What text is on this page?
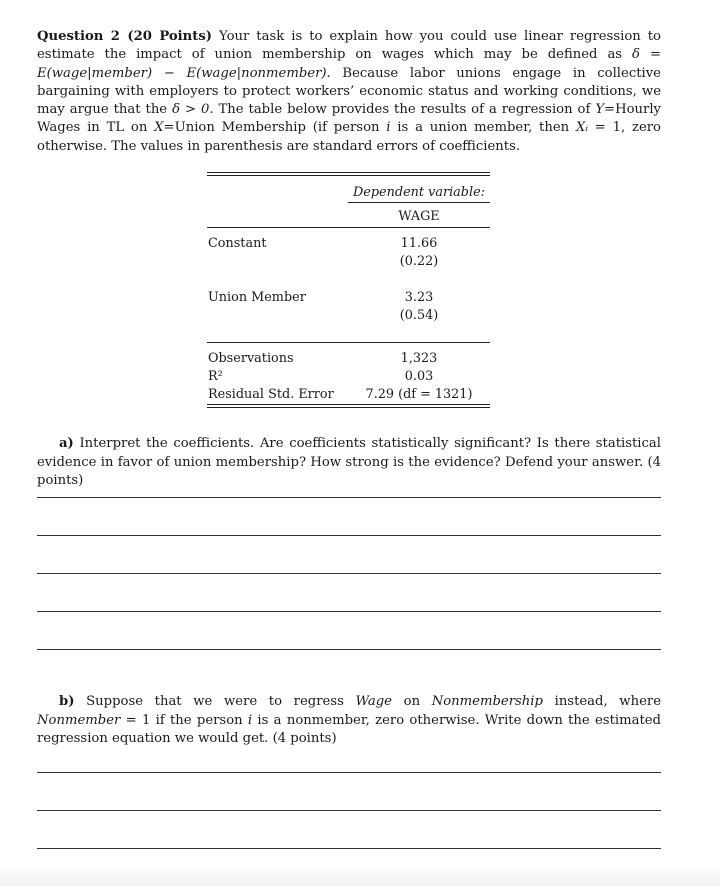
Question 2 (20 Points) Your task is to explain how you could use linear regression to estimate the impact of union membership on wages which may be defined as δ = E(wage|member) − E(wage|nonmember). Because labor unions engage in collective bargaining with employers to protect workers’ economic status and working conditions, we may argue that the δ > 0. The table below provides the results of a regression of Y=Hourly Wages in TL on X=Union Membership (if person i is a union member, then Xᵢ = 1, zero otherwise. The values in parenthesis are standard errors of coefficients.
Dependent variable:
WAGE
Constant	11.66
(0.22)
Union Member	3.23
(0.54)
Observations	1,323
R²	0.03
Residual Std. Error	7.29 (df = 1321)
a) Interpret the coefficients. Are coefficients statistically significant? Is there statistical evidence in favor of union membership? How strong is the evidence? Defend your answer. (4 points)
b) Suppose that we were to regress Wage on Nonmembership instead, where Nonmember = 1 if the person i is a nonmember, zero otherwise. Write down the estimated regression equation we would get. (4 points)
